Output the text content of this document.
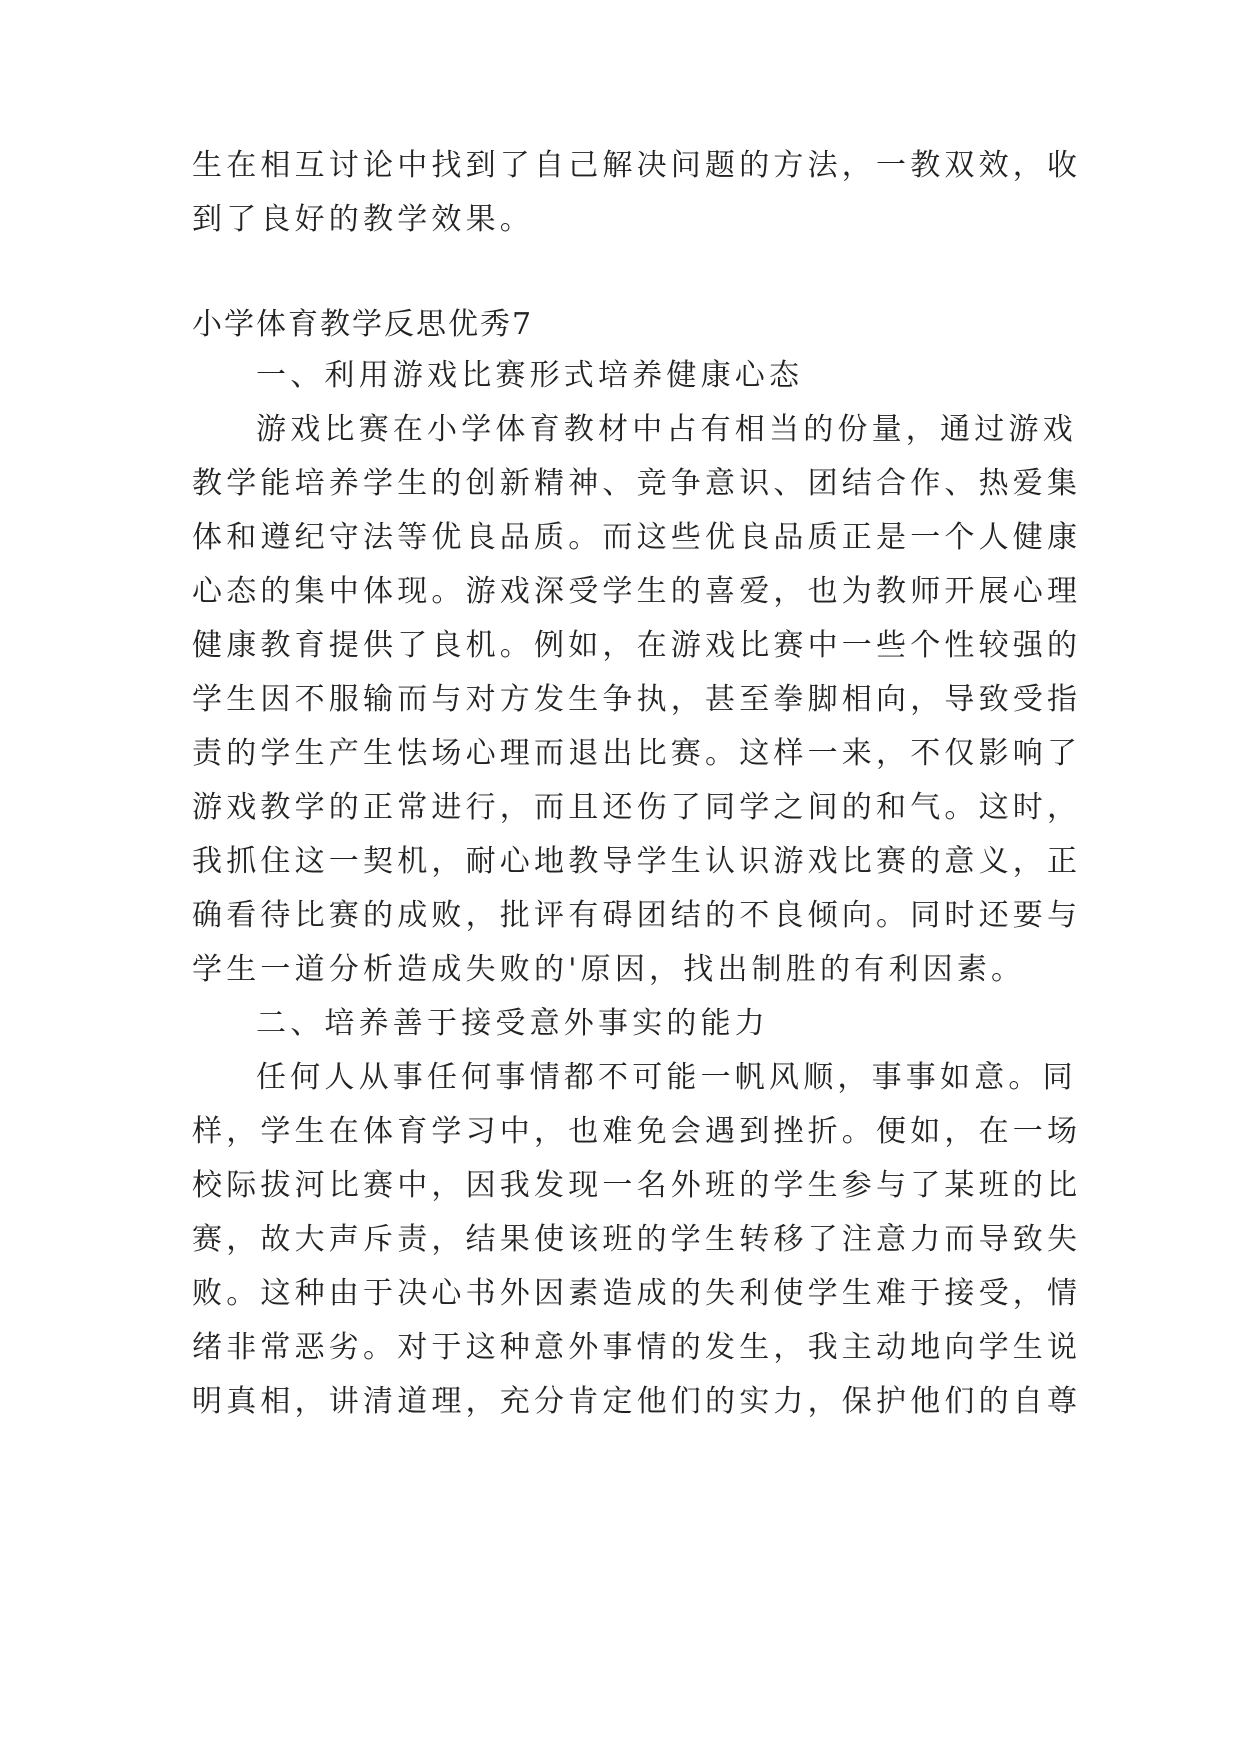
生在相互讨论中找到了自己解决问题的方法，一教双效，收
到了良好的教学效果。
小学体育教学反思优秀7
一、利用游戏比赛形式培养健康心态
游戏比赛在小学体育教材中占有相当的份量，通过游戏
教学能培养学生的创新精神、竞争意识、团结合作、热爱集
体和遵纪守法等优良品质。而这些优良品质正是一个人健康
心态的集中体现。游戏深受学生的喜爱，也为教师开展心理
健康教育提供了良机。例如，在游戏比赛中一些个性较强的
学生因不服输而与对方发生争执，甚至拳脚相向，导致受指
责的学生产生怯场心理而退出比赛。这样一来，不仅影响了
游戏教学的正常进行，而且还伤了同学之间的和气。这时，
我抓住这一契机，耐心地教导学生认识游戏比赛的意义，正
确看待比赛的成败，批评有碍团结的不良倾向。同时还要与
学生一道分析造成失败的'原因，找出制胜的有利因素。
二、培养善于接受意外事实的能力
任何人从事任何事情都不可能一帆风顺，事事如意。同
样，学生在体育学习中，也难免会遇到挫折。便如，在一场
校际拔河比赛中，因我发现一名外班的学生参与了某班的比
赛，故大声斥责，结果使该班的学生转移了注意力而导致失
败。这种由于决心书外因素造成的失利使学生难于接受，情
绪非常恶劣。对于这种意外事情的发生，我主动地向学生说
明真相，讲清道理，充分肯定他们的实力，保护他们的自尊
